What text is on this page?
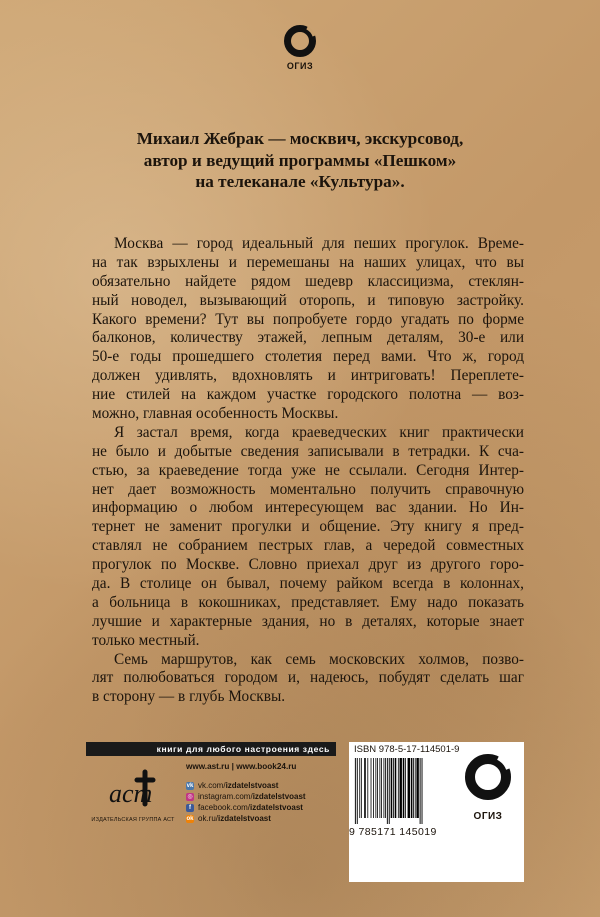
ОГИЗ
Михаил Жебрак — москвич, экскурсовод,
автор и ведущий программы «Пешком»
на телеканале «Культура».
Москва — город идеальный для пеших прогулок. Време-
на так взрыхлены и перемешаны на наших улицах, что вы
обязательно найдете рядом шедевр классицизма, стеклян-
ный новодел, вызывающий оторопь, и типовую застройку.
Какого времени? Тут вы попробуете гордо угадать по форме
балконов, количеству этажей, лепным деталям, 30-е или
50-е годы прошедшего столетия перед вами. Что ж, город
должен удивлять, вдохновлять и интриговать! Переплете-
ние стилей на каждом участке городского полотна — воз-
можно, главная особенность Москвы.
Я застал время, когда краеведческих книг практически
не было и добытые сведения записывали в тетрадки. К сча-
стью, за краеведение тогда уже не ссылали. Сегодня Интер-
нет дает возможность моментально получить справочную
информацию о любом интересующем вас здании. Но Ин-
тернет не заменит прогулки и общение. Эту книгу я пред-
ставлял не собранием пестрых глав, а чередой совместных
прогулок по Москве. Словно приехал друг из другого горо-
да. В столице он бывал, почему райком всегда в колоннах,
а больница в кокошниках, представляет. Ему надо показать
лучшие и характерные здания, но в деталях, которые знает
только местный.
Семь маршрутов, как семь московских холмов, позво-
лят полюбоваться городом и, надеюсь, побудят сделать шаг
в сторону — в глубь Москвы.
книги для любого настроения здесь
аст
ИЗДАТЕЛЬСКАЯ ГРУППА АСТ
www.ast.ru | www.book24.ru
vk vk.com/izdatelstvoast
◎ instagram.com/izdatelstvoast
f facebook.com/izdatelstvoast
ok ok.ru/izdatelstvoast
ISBN 978-5-17-114501-9
9 785171 145019
ОГИЗ
